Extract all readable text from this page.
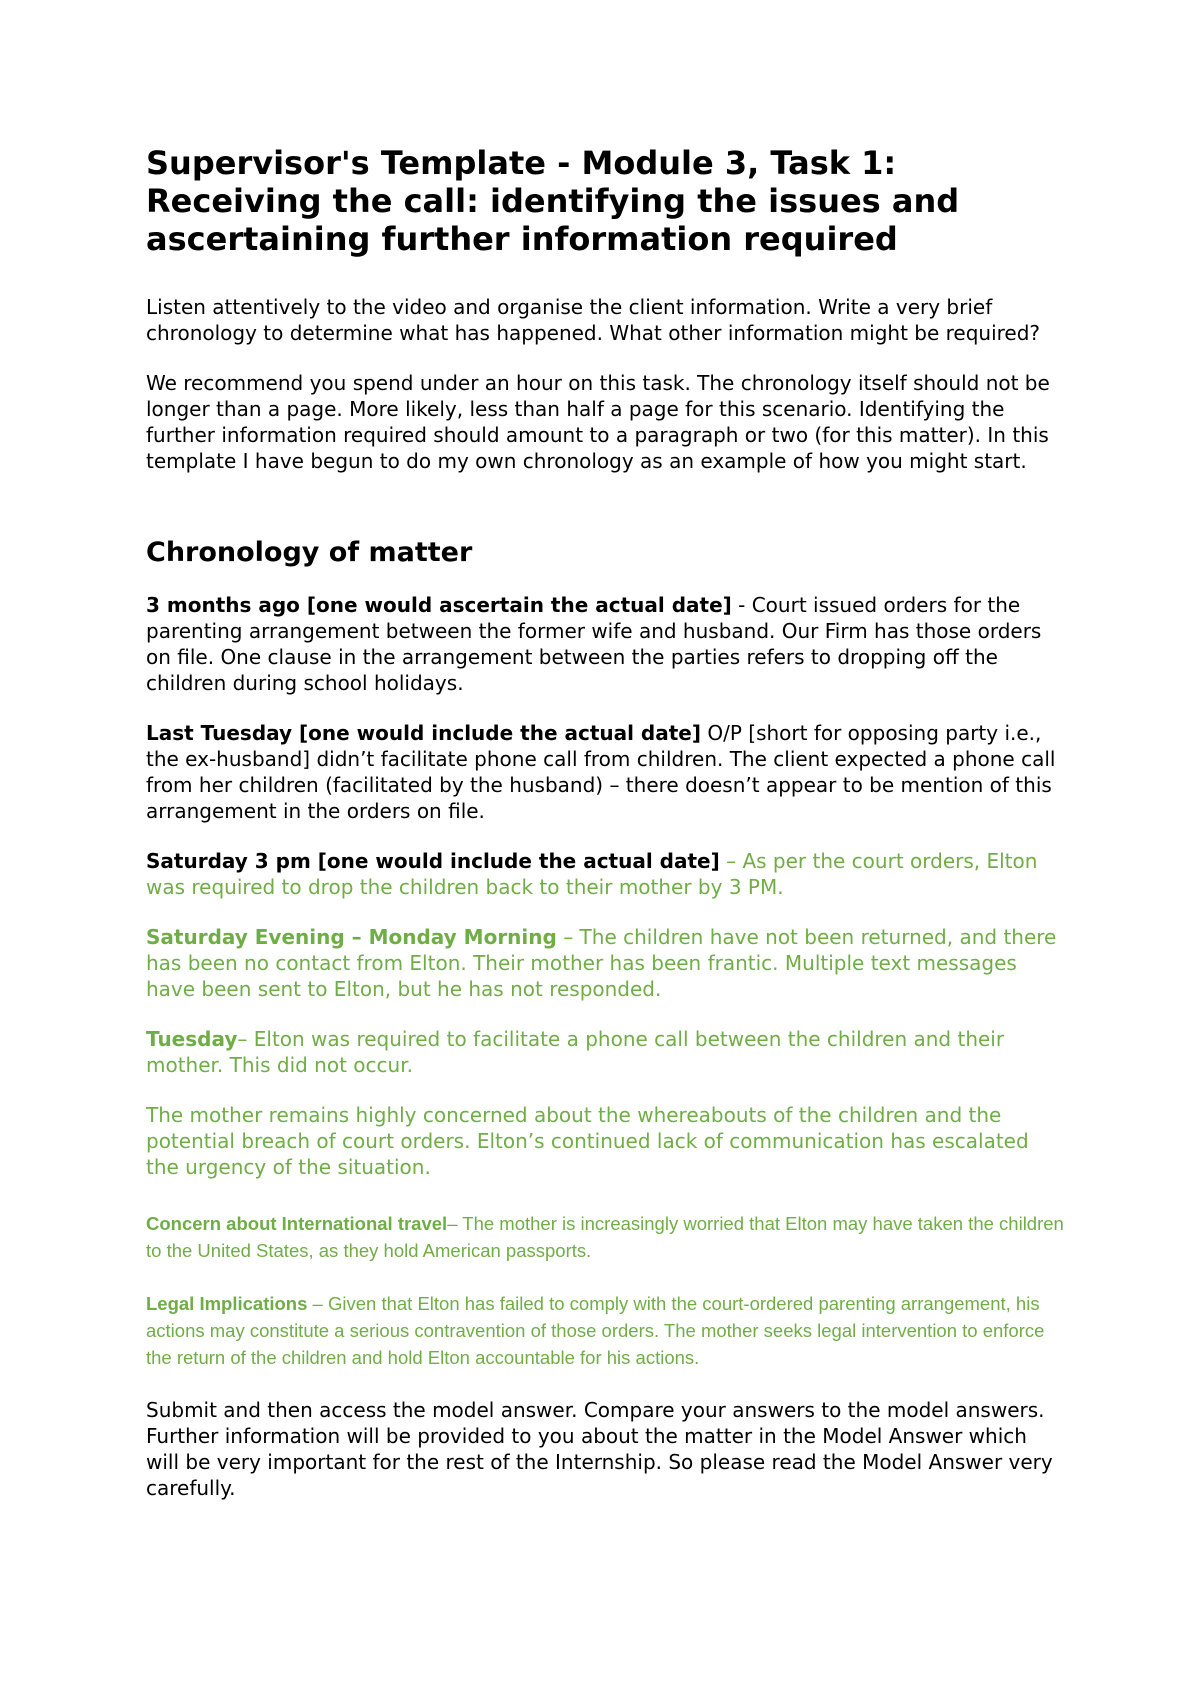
Supervisor's Template - Module 3, Task 1: Receiving the call: identifying the issues and ascertaining further information required

Listen attentively to the video and organise the client information. Write a very brief chronology to determine what has happened. What other information might be required?

We recommend you spend under an hour on this task. The chronology itself should not be longer than a page. More likely, less than half a page for this scenario. Identifying the further information required should amount to a paragraph or two (for this matter). In this template I have begun to do my own chronology as an example of how you might start.

Chronology of matter

3 months ago [one would ascertain the actual date] - Court issued orders for the parenting arrangement between the former wife and husband. Our Firm has those orders on file. One clause in the arrangement between the parties refers to dropping off the children during school holidays.

Last Tuesday [one would include the actual date] O/P [short for opposing party i.e., the ex-husband] didn’t facilitate phone call from children. The client expected a phone call from her children (facilitated by the husband) – there doesn’t appear to be mention of this arrangement in the orders on file.

Saturday 3 pm [one would include the actual date] – As per the court orders, Elton was required to drop the children back to their mother by 3 PM.

Saturday Evening – Monday Morning – The children have not been returned, and there has been no contact from Elton. Their mother has been frantic. Multiple text messages have been sent to Elton, but he has not responded.

Tuesday– Elton was required to facilitate a phone call between the children and their mother. This did not occur.

The mother remains highly concerned about the whereabouts of the children and the potential breach of court orders. Elton’s continued lack of communication has escalated the urgency of the situation.

Concern about International travel– The mother is increasingly worried that Elton may have taken the children to the United States, as they hold American passports.

Legal Implications – Given that Elton has failed to comply with the court-ordered parenting arrangement, his actions may constitute a serious contravention of those orders. The mother seeks legal intervention to enforce the return of the children and hold Elton accountable for his actions.

Submit and then access the model answer. Compare your answers to the model answers. Further information will be provided to you about the matter in the Model Answer which will be very important for the rest of the Internship. So please read the Model Answer very carefully.
